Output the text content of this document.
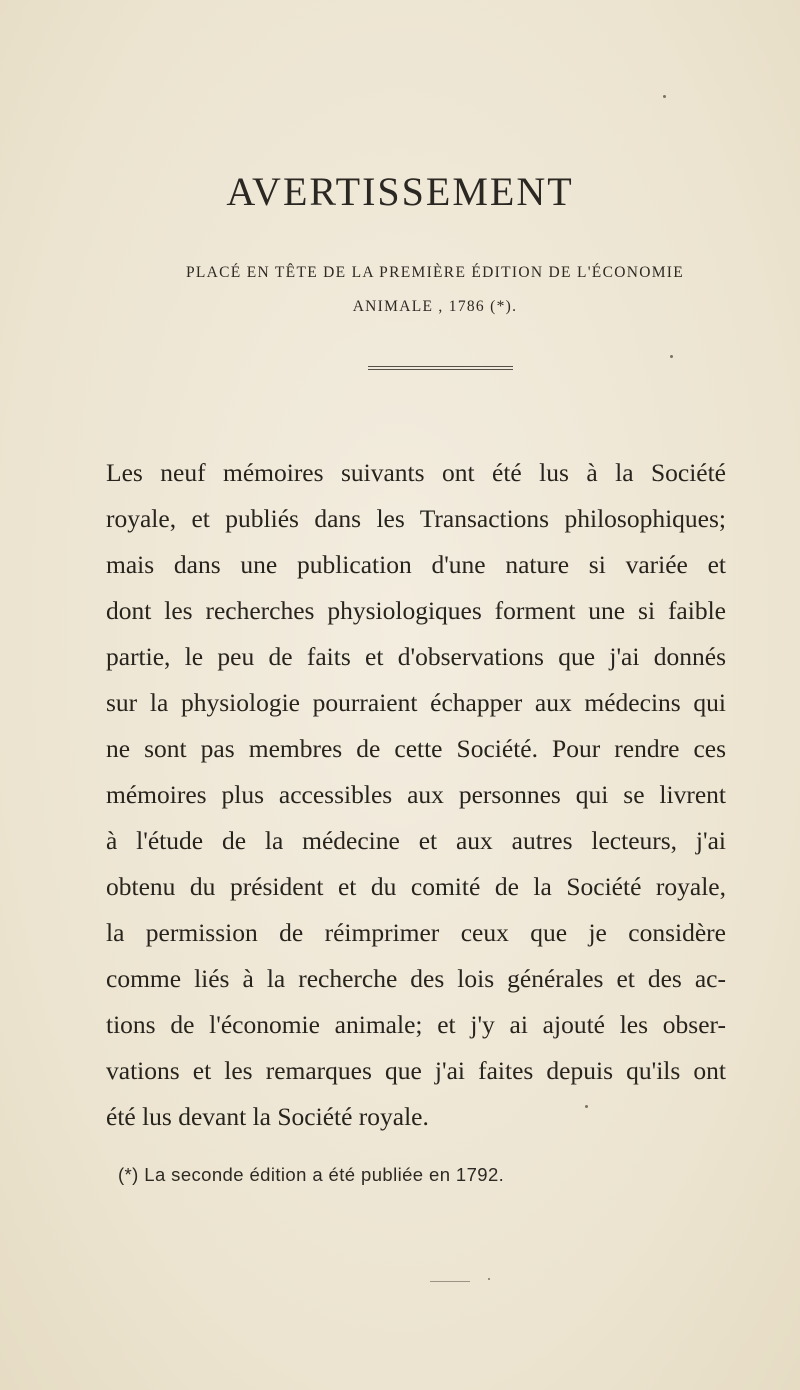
AVERTISSEMENT
PLACÉ EN TÊTE DE LA PREMIÈRE ÉDITION DE L'ÉCONOMIE
ANIMALE , 1786 (*).
Les neuf mémoires suivants ont été lus à la Société
royale, et publiés dans les Transactions philosophiques;
mais dans une publication d'une nature si variée et
dont les recherches physiologiques forment une si faible
partie, le peu de faits et d'observations que j'ai donnés
sur la physiologie pourraient échapper aux médecins qui
ne sont pas membres de cette Société. Pour rendre ces
mémoires plus accessibles aux personnes qui se livrent
à l'étude de la médecine et aux autres lecteurs, j'ai
obtenu du président et du comité de la Société royale,
la permission de réimprimer ceux que je considère
comme liés à la recherche des lois générales et des ac-
tions de l'économie animale; et j'y ai ajouté les obser-
vations et les remarques que j'ai faites depuis qu'ils ont
été lus devant la Société royale.
(*) La seconde édition a été publiée en 1792.
